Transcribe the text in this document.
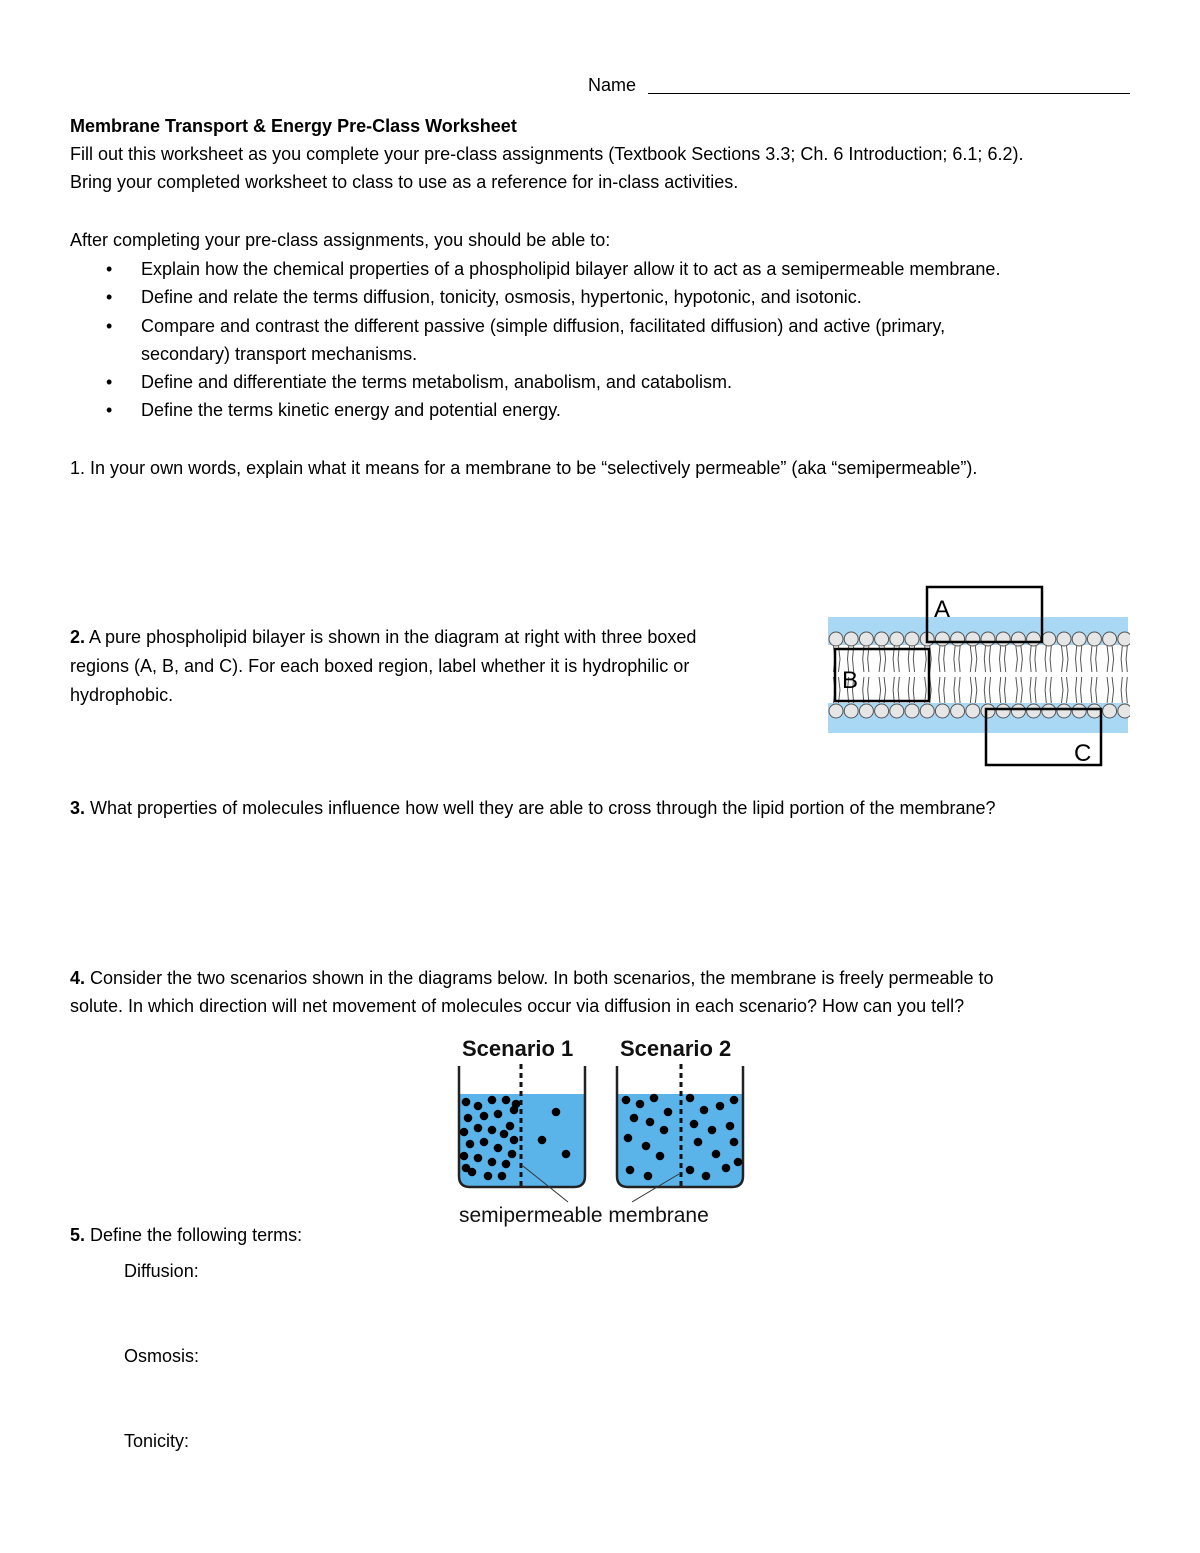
Name
Membrane Transport & Energy Pre-Class Worksheet
Fill out this worksheet as you complete your pre-class assignments (Textbook Sections 3.3; Ch. 6 Introduction; 6.1; 6.2).
Bring your completed worksheet to class to use as a reference for in-class activities.
After completing your pre-class assignments, you should be able to:
• Explain how the chemical properties of a phospholipid bilayer allow it to act as a semipermeable membrane.
• Define and relate the terms diffusion, tonicity, osmosis, hypertonic, hypotonic, and isotonic.
• Compare and contrast the different passive (simple diffusion, facilitated diffusion) and active (primary,
secondary) transport mechanisms.
• Define and differentiate the terms metabolism, anabolism, and catabolism.
• Define the terms kinetic energy and potential energy.
1. In your own words, explain what it means for a membrane to be “selectively permeable” (aka “semipermeable”).
2. A pure phospholipid bilayer is shown in the diagram at right with three boxed
regions (A, B, and C). For each boxed region, label whether it is hydrophilic or
hydrophobic.
A
B
C
3. What properties of molecules influence how well they are able to cross through the lipid portion of the membrane?
4. Consider the two scenarios shown in the diagrams below. In both scenarios, the membrane is freely permeable to
solute. In which direction will net movement of molecules occur via diffusion in each scenario? How can you tell?
Scenario 1 Scenario 2
semipermeable membrane
5. Define the following terms:
Diffusion:
Osmosis:
Tonicity:
